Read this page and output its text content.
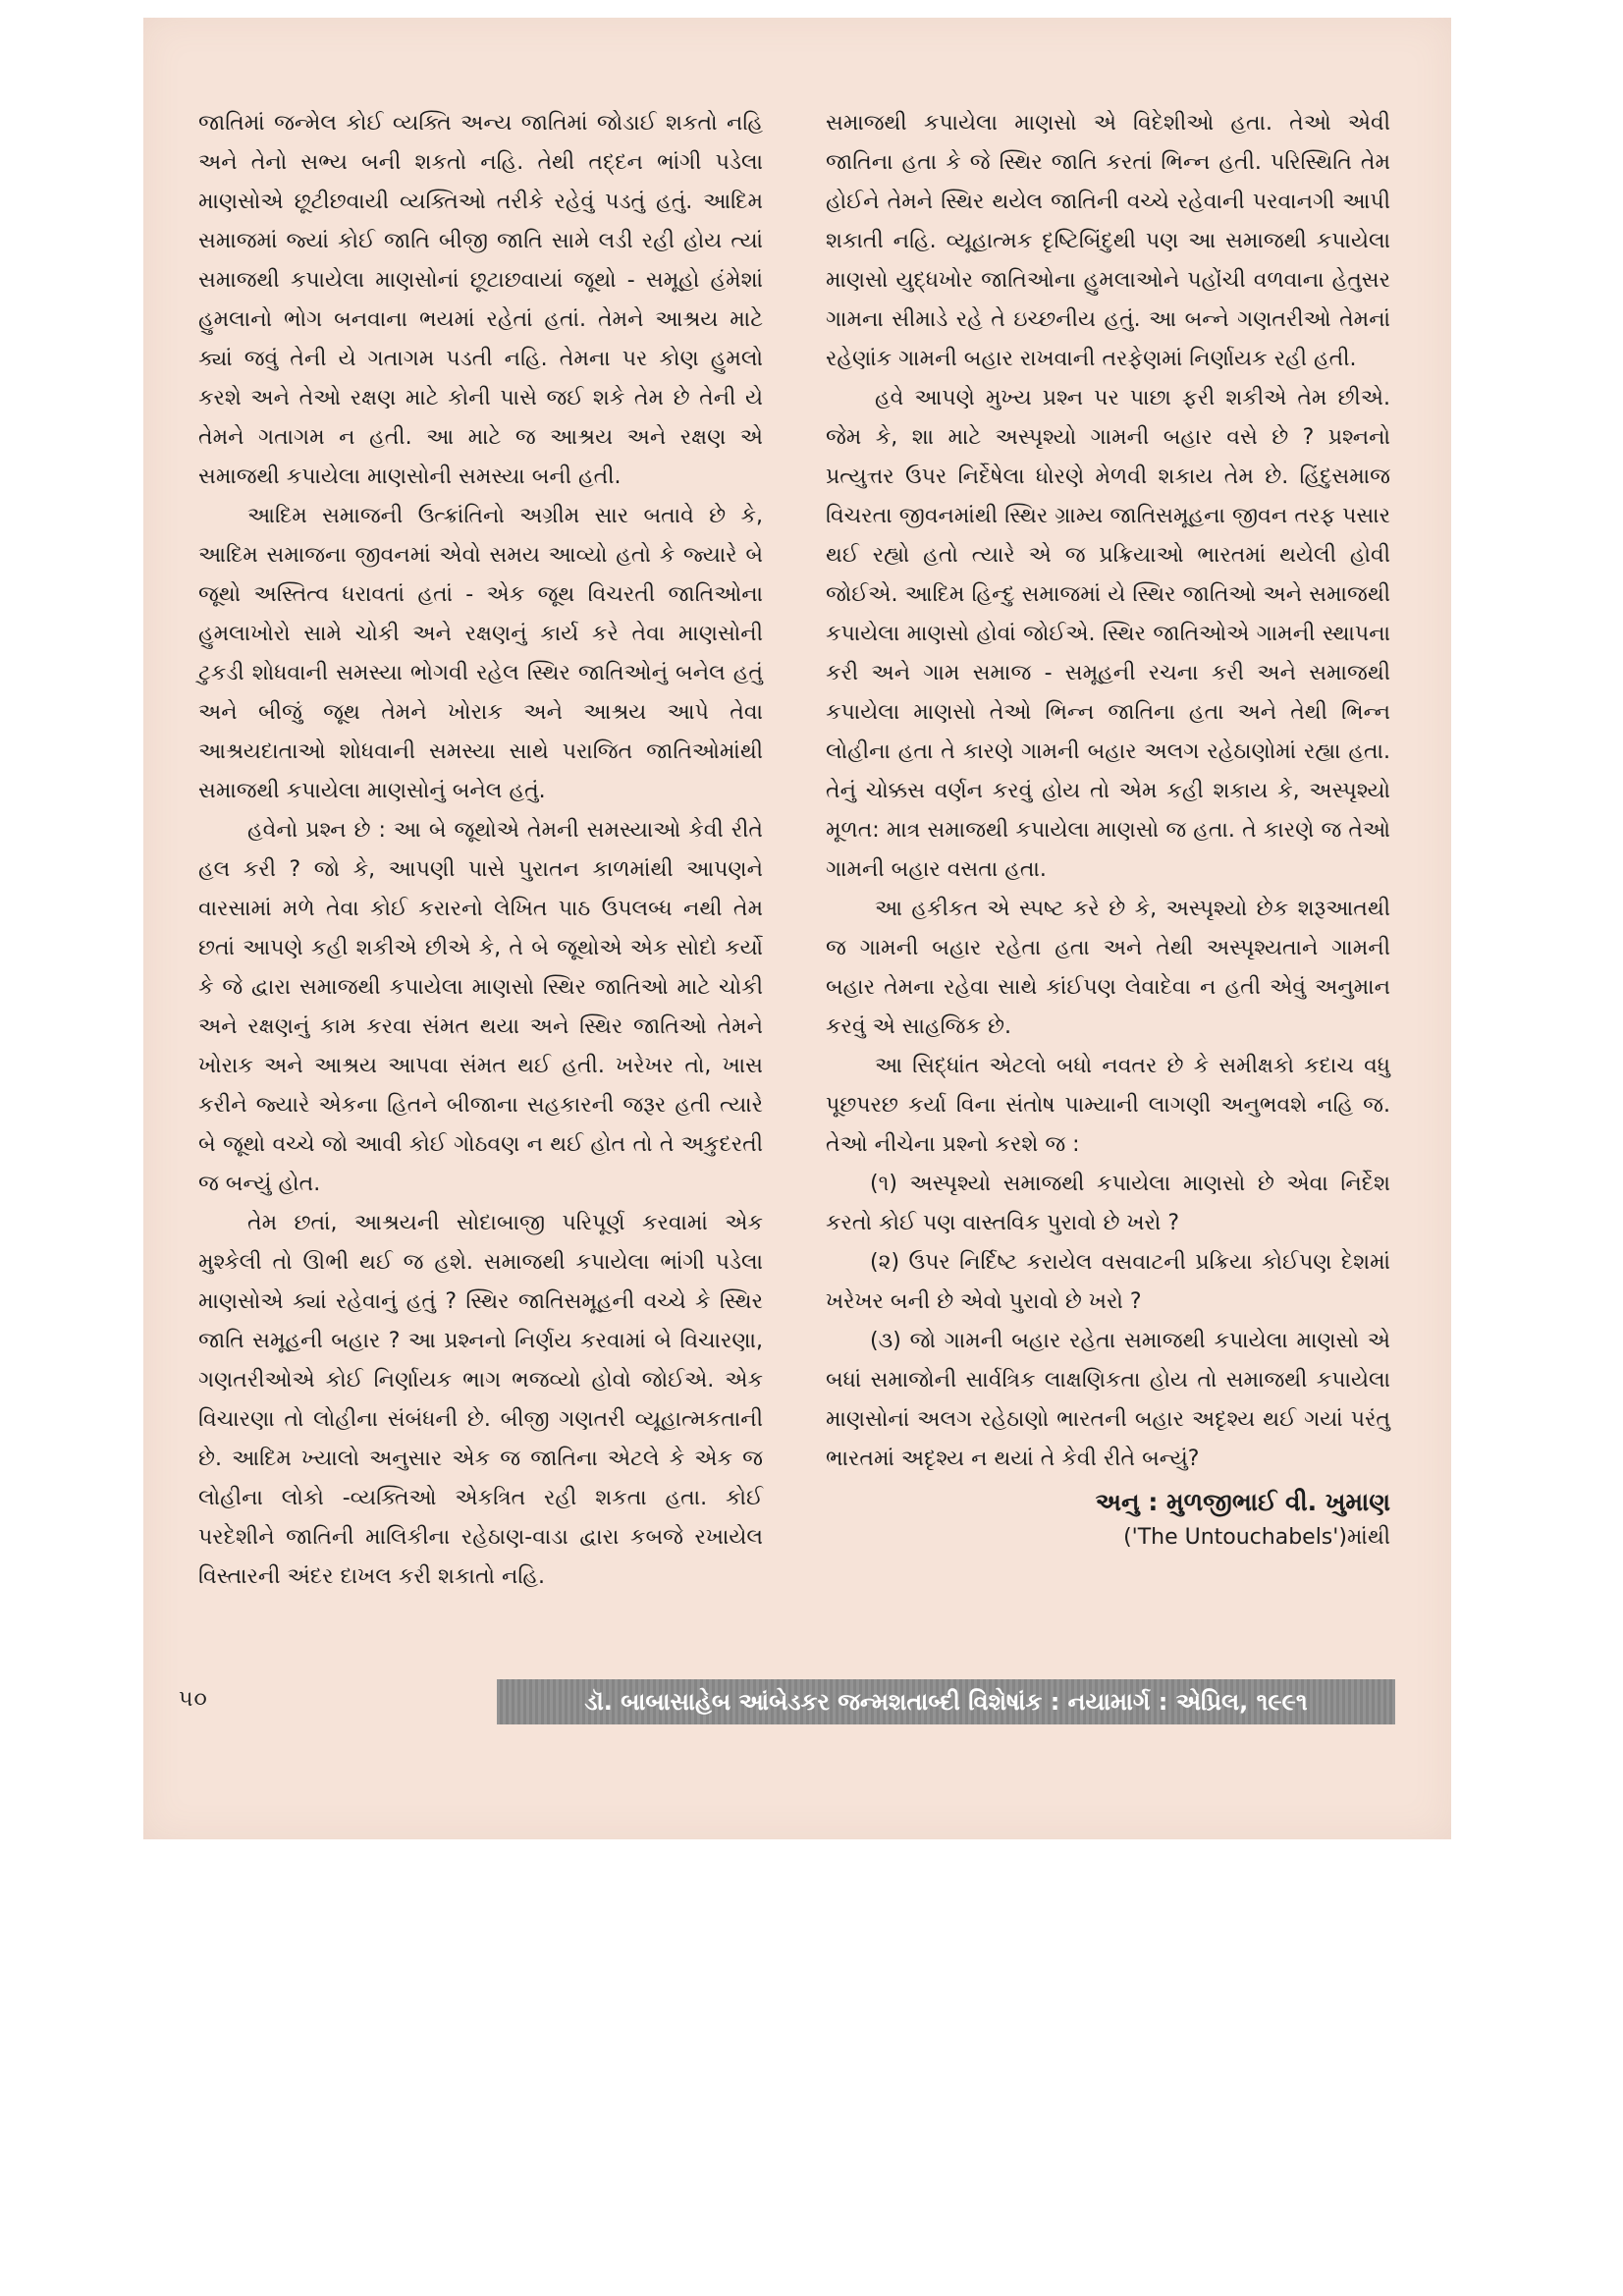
જાતિમાં જન્મેલ કોઈ વ્યક્તિ અન્ય જાતિમાં જોડાઈ શકતો નહિ અને તેનો સભ્ય બની શકતો નહિ. તેથી તદ્દન ભાંગી પડેલા માણસોએ છૂટીછવાયી વ્યક્તિઓ તરીકે રહેવું પડતું હતું. આદિમ સમાજમાં જ્યાં કોઈ જાતિ બીજી જાતિ સામે લડી રહી હોય ત્યાં સમાજથી કપાયેલા માણસોનાં છૂટાછવાયાં જૂથો - સમૂહો હંમેશાં હુમલાનો ભોગ બનવાના ભયમાં રહેતાં હતાં. તેમને આશ્રય માટે ક્યાં જવું તેની યે ગતાગમ પડતી નહિ. તેમના પર કોણ હુમલો કરશે અને તેઓ રક્ષણ માટે કોની પાસે જઈ શકે તેમ છે તેની યે તેમને ગતાગમ ન હતી. આ માટે જ આશ્રય અને રક્ષણ એ સમાજથી કપાયેલા માણસોની સમસ્યા બની હતી.

આદિમ સમાજની ઉત્ક્રાંતિનો અગ્રીમ સાર બતાવે છે કે, આદિમ સમાજના જીવનમાં એવો સમય આવ્યો હતો કે જ્યારે બે જૂથો અસ્તિત્વ ધરાવતાં હતાં - એક જૂથ વિચરતી જાતિઓના હુમલાખોરો સામે ચોકી અને રક્ષણનું કાર્ય કરે તેવા માણસોની ટુકડી શોધવાની સમસ્યા ભોગવી રહેલ સ્થિર જાતિઓનું બનેલ હતું અને બીજું જૂથ તેમને ખોરાક અને આશ્રય આપે તેવા આશ્રયદાતાઓ શોધવાની સમસ્યા સાથે પરાજિત જાતિઓમાંથી સમાજથી કપાયેલા માણસોનું બનેલ હતું.

હવેનો પ્રશ્ન છે : આ બે જૂથોએ તેમની સમસ્યાઓ કેવી રીતે હલ કરી ? જો કે, આપણી પાસે પુરાતન કાળમાંથી આપણને વારસામાં મળે તેવા કોઈ કરારનો લેખિત પાઠ ઉપલબ્ધ નથી તેમ છતાં આપણે કહી શકીએ છીએ કે, તે બે જૂથોએ એક સોદો કર્યો કે જે દ્વારા સમાજથી કપાયેલા માણસો સ્થિર જાતિઓ માટે ચોકી અને રક્ષણનું કામ કરવા સંમત થયા અને સ્થિર જાતિઓ તેમને ખોરાક અને આશ્રય આપવા સંમત થઈ હતી. ખરેખર તો, ખાસ કરીને જ્યારે એકના હિતને બીજાના સહકારની જરૂર હતી ત્યારે બે જૂથો વચ્ચે જો આવી કોઈ ગોઠવણ ન થઈ હોત તો તે અકુદરતી જ બન્યું હોત.

તેમ છતાં, આશ્રયની સોદાબાજી પરિપૂર્ણ કરવામાં એક મુશ્કેલી તો ઊભી થઈ જ હશે. સમાજથી કપાયેલા ભાંગી પડેલા માણસોએ ક્યાં રહેવાનું હતું ? સ્થિર જાતિસમૂહની વચ્ચે કે સ્થિર જાતિ સમૂહની બહાર ? આ પ્રશ્નનો નિર્ણય કરવામાં બે વિચારણા, ગણતરીઓએ કોઈ નિર્ણાયક ભાગ ભજવ્યો હોવો જોઈએ. એક વિચારણા તો લોહીના સંબંધની છે. બીજી ગણતરી વ્યૂહાત્મકતાની છે. આદિમ ખ્યાલો અનુસાર એક જ જાતિના એટલે કે એક જ લોહીના લોકો -વ્યક્તિઓ એકત્રિત રહી શકતા હતા. કોઈ પરદેશીને જાતિની માલિકીના રહેઠાણ-વાડા દ્વારા કબજે રખાયેલ વિસ્તારની અંદર દાખલ કરી શકાતો નહિ.

સમાજથી કપાયેલા માણસો એ વિદેશીઓ હતા. તેઓ એવી જાતિના હતા કે જે સ્થિર જાતિ કરતાં ભિન્ન હતી. પરિસ્થિતિ તેમ હોઈને તેમને સ્થિર થયેલ જાતિની વચ્ચે રહેવાની પરવાનગી આપી શકાતી નહિ. વ્યૂહાત્મક દૃષ્ટિબિંદુથી પણ આ સમાજથી કપાયેલા માણસો યુદ્ધખોર જાતિઓના હુમલાઓને પહોંચી વળવાના હેતુસર ગામના સીમાડે રહે તે ઇચ્છનીય હતું. આ બન્ને ગણતરીઓ તેમનાં રહેણાંક ગામની બહાર રાખવાની તરફેણમાં નિર્ણાયક રહી હતી.

હવે આપણે મુખ્ય પ્રશ્ન પર પાછા ફરી શકીએ તેમ છીએ. જેમ કે, શા માટે અસ્પૃશ્યો ગામની બહાર વસે છે ? પ્રશ્નનો પ્રત્યુત્તર ઉપર નિર્દેષેલા ધોરણે મેળવી શકાય તેમ છે. હિંદુસમાજ વિચરતા જીવનમાંથી સ્થિર ગ્રામ્ય જાતિસમૂહના જીવન તરફ પસાર થઈ રહ્યો હતો ત્યારે એ જ પ્રક્રિયાઓ ભારતમાં થયેલી હોવી જોઈએ. આદિમ હિન્દુ સમાજમાં યે સ્થિર જાતિઓ અને સમાજથી કપાયેલા માણસો હોવાં જોઈએ. સ્થિર જાતિઓએ ગામની સ્થાપના કરી અને ગામ સમાજ - સમૂહની રચના કરી અને સમાજથી કપાયેલા માણસો તેઓ ભિન્ન જાતિના હતા અને તેથી ભિન્ન લોહીના હતા તે કારણે ગામની બહાર અલગ રહેઠાણોમાં રહ્યા હતા. તેનું ચોક્કસ વર્ણન કરવું હોય તો એમ કહી શકાય કે, અસ્પૃશ્યો મૂળત: માત્ર સમાજથી કપાયેલા માણસો જ હતા. તે કારણે જ તેઓ ગામની બહાર વસતા હતા.

આ હકીકત એ સ્પષ્ટ કરે છે કે, અસ્પૃશ્યો છેક શરૂઆતથી જ ગામની બહાર રહેતા હતા અને તેથી અસ્પૃશ્યતાને ગામની બહાર તેમના રહેવા સાથે કાંઈપણ લેવાદેવા ન હતી એવું અનુમાન કરવું એ સાહજિક છે.

આ સિદ્ધાંત એટલો બધો નવતર છે કે સમીક્ષકો કદાચ વધુ પૂછપરછ કર્યા વિના સંતોષ પામ્યાની લાગણી અનુભવશે નહિ જ. તેઓ નીચેના પ્રશ્નો કરશે જ :

(૧) અસ્પૃશ્યો સમાજથી કપાયેલા માણસો છે એવા નિર્દેશ કરતો કોઈ પણ વાસ્તવિક પુરાવો છે ખરો ?

(૨) ઉપર નિર્દિષ્ટ કરાયેલ વસવાટની પ્રક્રિયા કોઈપણ દેશમાં ખરેખર બની છે એવો પુરાવો છે ખરો ?

(૩) જો ગામની બહાર રહેતા સમાજથી કપાયેલા માણસો એ બધાં સમાજોની સાર્વત્રિક લાક્ષણિકતા હોય તો સમાજથી કપાયેલા માણસોનાં અલગ રહેઠાણો ભારતની બહાર અદૃશ્ય થઈ ગયાં પરંતુ ભારતમાં અદૃશ્ય ન થયાં તે કેવી રીતે બન્યું?

અનુ : મુળજીભાઈ વી. ખુમાણ
('The Untouchabels')માંથી
૫૦	ડૉ. બાબાસાહેબ આંબેડકર જન્મશતાબ્દી વિશેષાંક : નયામાર્ગ : એપ્રિલ, ૧૯૯૧
